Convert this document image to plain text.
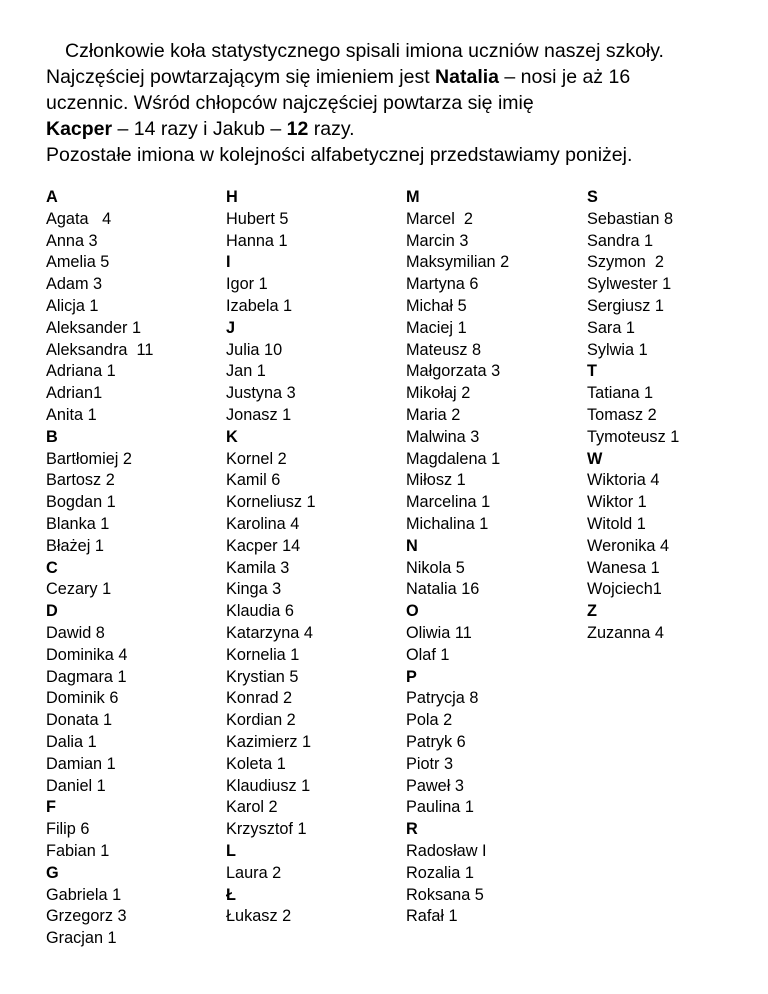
Członkowie koła statystycznego spisali imiona uczniów naszej szkoły.
Najczęściej powtarzającym się imieniem jest Natalia – nosi je aż 16
uczennic. Wśród chłopców najczęściej powtarza się imię
Kacper – 14 razy i Jakub – 12 razy.
Pozostałe imiona w kolejności alfabetycznej przedstawiamy poniżej.
A
Agata   4
Anna 3
Amelia 5
Adam 3
Alicja 1
Aleksander 1
Aleksandra  11
Adriana 1
Adrian1
Anita 1
B
Bartłomiej 2
Bartosz 2
Bogdan 1
Blanka 1
Błażej 1
C
Cezary 1
D
Dawid 8
Dominika 4
Dagmara 1
Dominik 6
Donata 1
Dalia 1
Damian 1
Daniel 1
F
Filip 6
Fabian 1
G
Gabriela 1
Grzegorz 3
Gracjan 1
H
Hubert 5
Hanna 1
I
Igor 1
Izabela 1
J
Julia 10
Jan 1
Justyna 3
Jonasz 1
K
Kornel 2
Kamil 6
Korneliusz 1
Karolina 4
Kacper 14
Kamila 3
Kinga 3
Klaudia 6
Katarzyna 4
Kornelia 1
Krystian 5
Konrad 2
Kordian 2
Kazimierz 1
Koleta 1
Klaudiusz 1
Karol 2
Krzysztof 1
L
Laura 2
Ł
Łukasz 2
M
Marcel  2
Marcin 3
Maksymilian 2
Martyna 6
Michał 5
Maciej 1
Mateusz 8
Małgorzata 3
Mikołaj 2
Maria 2
Malwina 3
Magdalena 1
Miłosz 1
Marcelina 1
Michalina 1
N
Nikola 5
Natalia 16
O
Oliwia 11
Olaf 1
P
Patrycja 8
Pola 2
Patryk 6
Piotr 3
Paweł 3
Paulina 1
R
Radosław I
Rozalia 1
Roksana 5
Rafał 1
S
Sebastian 8
Sandra 1
Szymon  2
Sylwester 1
Sergiusz 1
Sara 1
Sylwia 1
T
Tatiana 1
Tomasz 2
Tymoteusz 1
W
Wiktoria 4
Wiktor 1
Witold 1
Weronika 4
Wanesa 1
Wojciech1
Z
Zuzanna 4
